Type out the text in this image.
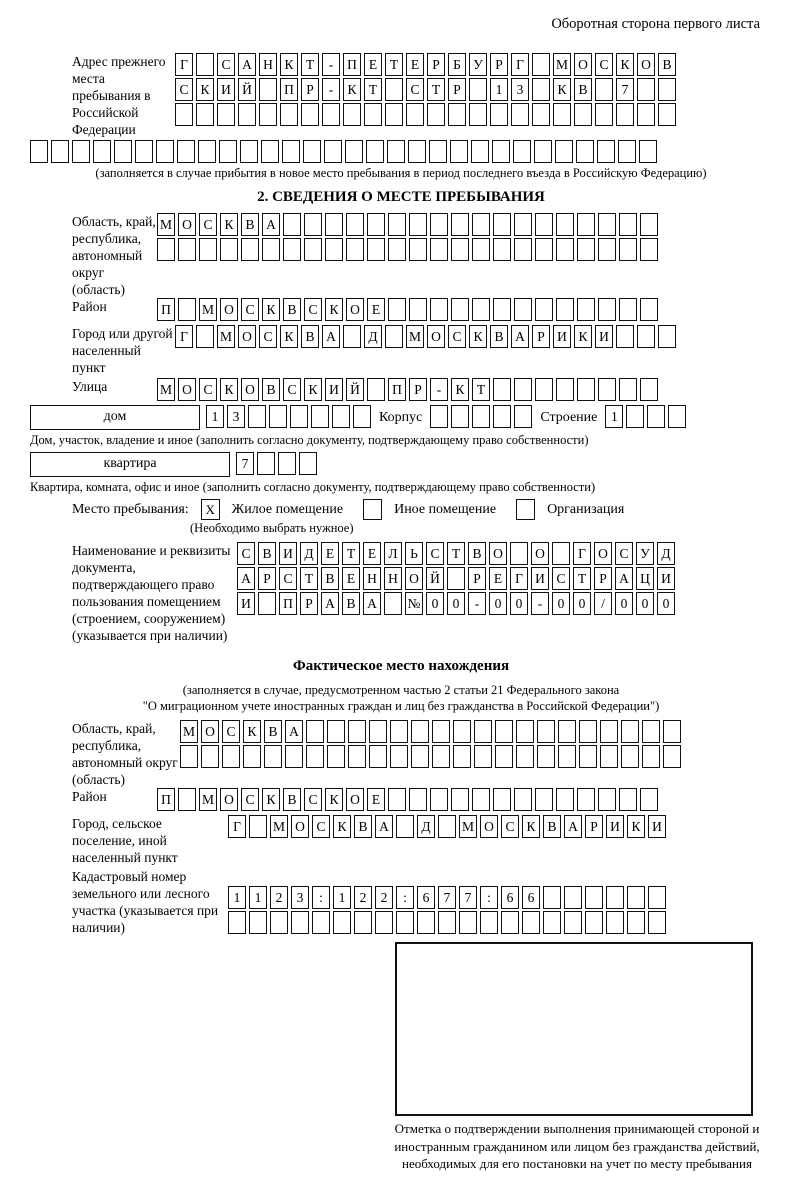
Оборотная сторона первого листа
Адрес прежнего места пребывания в Российской Федерации
Г	С А Н К Т	-	П Е Т Е Р Б У Р Г	М О С К О В
С К И Й	П Р	-	К Т	С Т Р	1	3	К В	7
(заполняется в случае прибытия в новое место пребывания в период последнего въезда в Российскую Федерацию)
2. СВЕДЕНИЯ О МЕСТЕ ПРЕБЫВАНИЯ
Область, край, республика, автономный округ (область)
М О С К В А
Район	П	М О С К В С К О Е
Город или другой населенный пункт
Г	М О С К В А	Д	М О С К В А Р И К И
Улица	М О С К О В С К И Й	П Р	-	К Т
дом	1	3	Корпус	Строение	1
Дом, участок, владение и иное (заполнить согласно документу, подтверждающему право собственности)
квартира	7
Квартира, комната, офис и иное (заполнить согласно документу, подтверждающему право собственности)
Место пребывания:	X	Жилое помещение	Иное помещение	Организация
(Необходимо выбрать нужное)
Наименование и реквизиты документа, подтверждающего право пользования помещением (строением, сооружением) (указывается при наличии)
С В И Д Е Т Е Л Ь С Т В О	О	Г О С У Д
А Р С Т В Е Н Н О Й	Р Е Г И С Т Р А Ц И
И	П Р А В А	№ 0	0	-	0	0	-	0	0	/	0	0	0
Фактическое место нахождения
(заполняется в случае, предусмотренном частью 2 статьи 21 Федерального закона
"О миграционном учете иностранных граждан и лиц без гражданства в Российской Федерации")
Область, край, республика, автономный округ (область)
М О С К В А
Район	П	М О С К В С К О Е
Город, сельское поселение, иной населенный пункт
Г	М О С К В А	Д	М О С К В А Р И К И
Кадастровый номер земельного или лесного участка (указывается при наличии)
1	1	2	3	:	1	2	2	:	6	7	7	:	6	6
Отметка о подтверждении выполнения принимающей стороной и иностранным гражданином или лицом без гражданства действий, необходимых для его постановки на учет по месту пребывания
